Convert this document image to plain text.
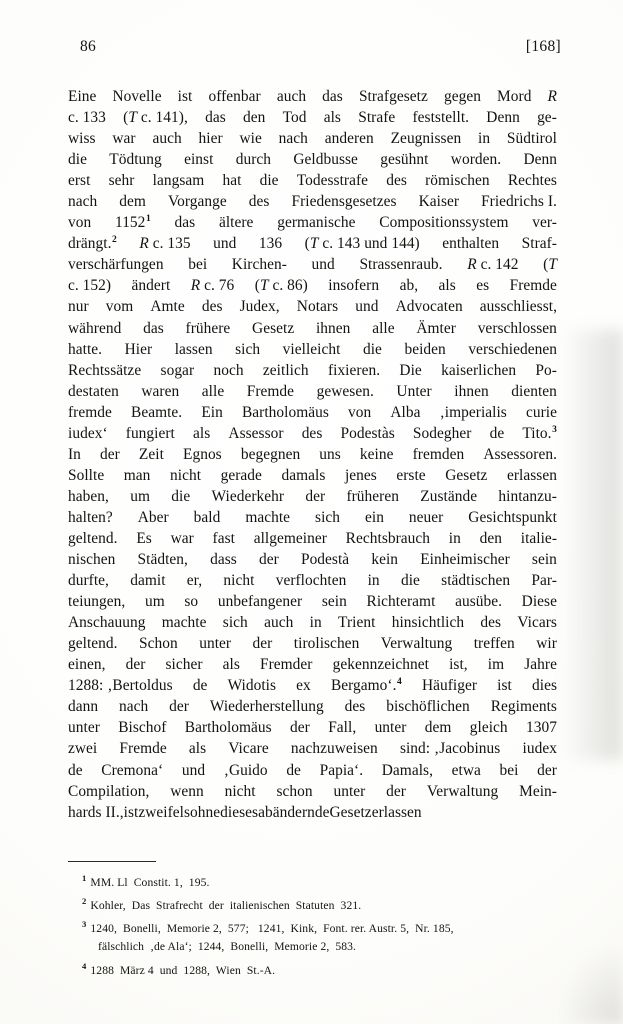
86	[168]
Eine Novelle ist offenbar auch das Strafgesetz gegen Mord R
c. 133 (T c. 141), das den Tod als Strafe feststellt. Denn ge-
wiss war auch hier wie nach anderen Zeugnissen in Südtirol
die Tödtung einst durch Geldbusse gesühnt worden. Denn
erst sehr langsam hat die Todesstrafe des römischen Rechtes
nach dem Vorgange des Friedensgesetzes Kaiser Friedrichs I.
von 1152$^1$ das ältere germanische Compositionssystem ver-
drängt.$^2$ R c. 135 und 136 (T c. 143 und 144) enthalten Straf-
verschärfungen bei Kirchen- und Strassenraub. R c. 142 (T
c. 152) ändert R c. 76 (T c. 86) insofern ab, als es Fremde
nur vom Amte des Judex, Notars und Advocaten ausschliesst,
während das frühere Gesetz ihnen alle Ämter verschlossen
hatte. Hier lassen sich vielleicht die beiden verschiedenen
Rechtssätze sogar noch zeitlich fixieren. Die kaiserlichen Po-
destaten waren alle Fremde gewesen. Unter ihnen dienten
fremde Beamte. Ein Bartholomäus von Alba ‚imperialis curie
iudex‘ fungiert als Assessor des Podestàs Sodegher de Tito.$^3$
In der Zeit Egnos begegnen uns keine fremden Assessoren.
Sollte man nicht gerade damals jenes erste Gesetz erlassen
haben, um die Wiederkehr der früheren Zustände hintanzu-
halten? Aber bald machte sich ein neuer Gesichtspunkt
geltend. Es war fast allgemeiner Rechtsbrauch in den italie-
nischen Städten, dass der Podestà kein Einheimischer sein
durfte, damit er, nicht verflochten in die städtischen Par-
teiungen, um so unbefangener sein Richteramt ausübe. Diese
Anschauung machte sich auch in Trient hinsichtlich des Vicars
geltend. Schon unter der tirolischen Verwaltung treffen wir
einen, der sicher als Fremder gekennzeichnet ist, im Jahre
1288: ‚Bertoldus de Widotis ex Bergamo‘.$^4$ Häufiger ist dies
dann nach der Wiederherstellung des bischöflichen Regiments
unter Bischof Bartholomäus der Fall, unter dem gleich 1307
zwei Fremde als Vicare nachzuweisen sind: ‚Jacobinus iudex
de Cremona‘ und ‚Guido de Papia‘. Damals, etwa bei der
Compilation, wenn nicht schon unter der Verwaltung Mein-
hards II., ist zweifelsohne dieses abändernde Gesetz erlassen
$^1$ MM. Ll  Constit. 1,  195.
$^2$ Kohler,  Das  Strafrecht  der  italienischen  Statuten  321.
$^3$ 1240,  Bonelli,  Memorie 2,  577;   1241,  Kink,  Font. rer. Austr. 5,  Nr. 185,
fälschlich  ‚de Ala‘;  1244,  Bonelli,  Memorie 2,  583.
$^4$ 1288  März 4  und  1288,  Wien  St.-A.
